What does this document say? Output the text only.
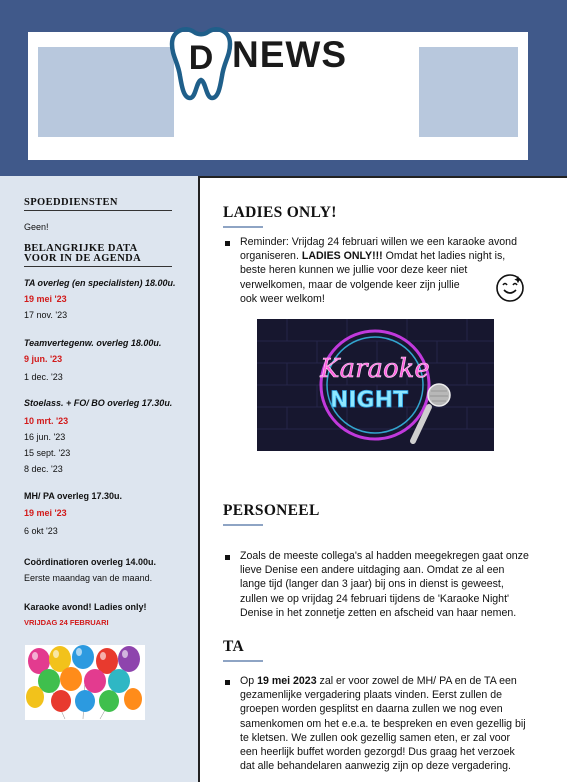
D NEWS
SPOEDDIENSTEN
Geen!
BELANGRIJKE DATA
VOOR IN DE AGENDA
TA overleg (en specialisten) 18.00u.
19 mei '23
17 nov. '23
Teamvertegenw. overleg 18.00u.
9 jun. '23
1 dec. '23
Stoelass. + FO/ BO overleg 17.30u.
10 mrt. '23
16 jun. '23
15 sept. '23
8 dec. '23
MH/ PA overleg 17.30u.
19 mei '23
6 okt '23
Coördinatioren overleg 14.00u.
Eerste maandag van de maand.
Karaoke avond! Ladies only!
VRIJDAG 24 FEBRUARI
LADIES ONLY!
Reminder: Vrijdag 24 februari willen we een karaoke avond
organiseren. LADIES ONLY!!! Omdat het ladies night is,
beste heren kunnen we jullie voor deze keer niet
verwelkomen, maar de volgende keer zijn jullie
ook weer welkom!
Karaoke
NIGHT
PERSONEEL
Zoals de meeste collega's al hadden meegekregen gaat onze
lieve Denise een andere uitdaging aan. Omdat ze al een
lange tijd (langer dan 3 jaar) bij ons in dienst is geweest,
zullen we op vrijdag 24 februari tijdens de 'Karaoke Night'
Denise in het zonnetje zetten en afscheid van haar nemen.
TA
Op 19 mei 2023 zal er voor zowel de MH/ PA en de TA een
gezamenlijke vergadering plaats vinden. Eerst zullen de
groepen worden gesplitst en daarna zullen we nog even
samenkomen om het e.e.a. te bespreken en even gezellig bij
te kletsen. We zullen ook gezellig samen eten, er zal voor
een heerlijk buffet worden gezorgd! Dus graag het verzoek
dat alle behandelaren aanwezig zijn op deze vergadering.
